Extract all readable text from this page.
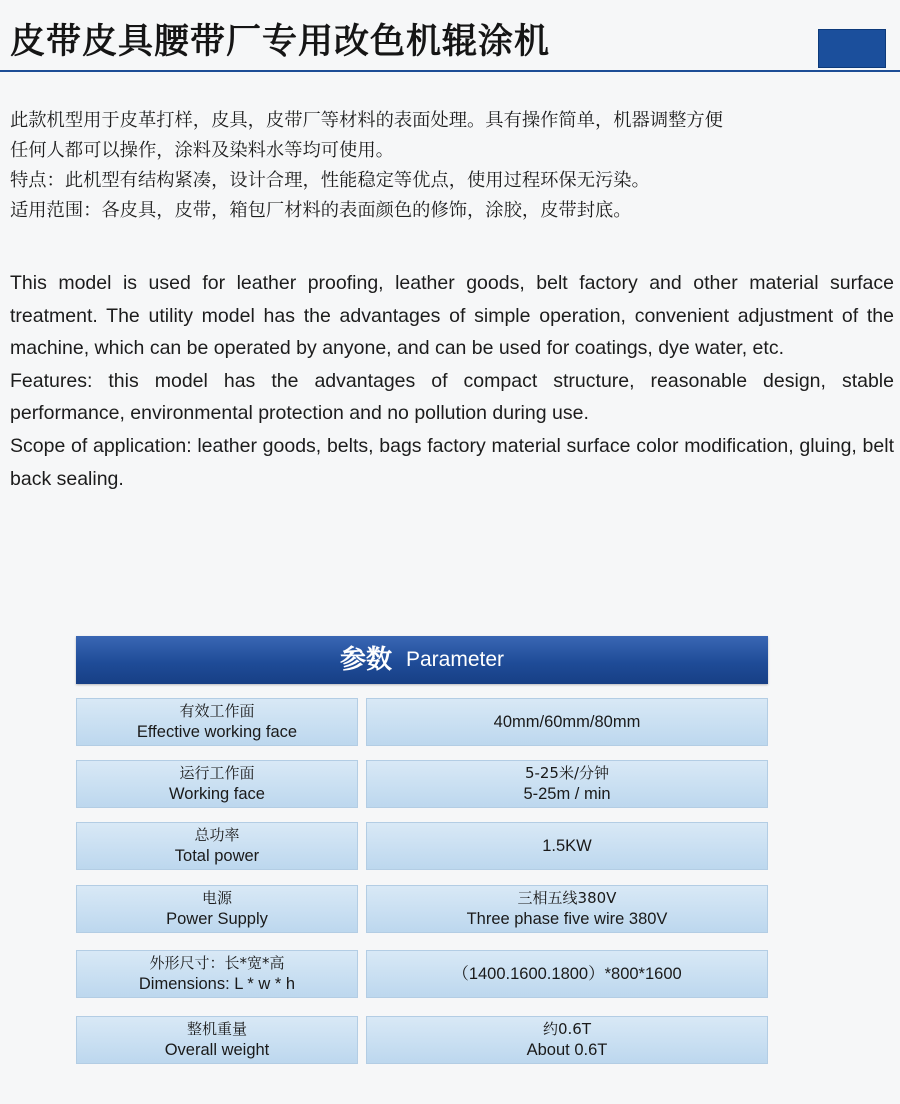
皮带皮具腰带厂专用改色机辊涂机

此款机型用于皮革打样，皮具，皮带厂等材料的表面处理。具有操作简单，机器调整方便

任何人都可以操作，涂料及染料水等均可使用。

特点：此机型有结构紧凑，设计合理，性能稳定等优点，使用过程环保无污染。

适用范围：各皮具，皮带，箱包厂材料的表面颜色的修饰，涂胶，皮带封底。

This model is used for leather proofing, leather goods, belt factory and other material surface treatment. The utility model has the advantages of simple operation, convenient adjustment of the machine, which can be operated by anyone, and can be used for coatings, dye water, etc.

Features: this model has the advantages of compact structure, reasonable design, stable performance, environmental protection and no pollution during use.

Scope of application: leather goods, belts, bags factory material surface color modification, gluing, belt back sealing.

参数 Parameter
有效工作面
Effective working face
40mm/60mm/80mm
运行工作面
Working face
5-25米/分钟
5-25m / min
总功率
Total power
1.5KW
电源
Power Supply
三相五线380V
Three phase five wire 380V
外形尺寸：长*宽*高
Dimensions: L * w * h
（1400.1600.1800）*800*1600
整机重量
Overall weight
约0.6T
About 0.6T
